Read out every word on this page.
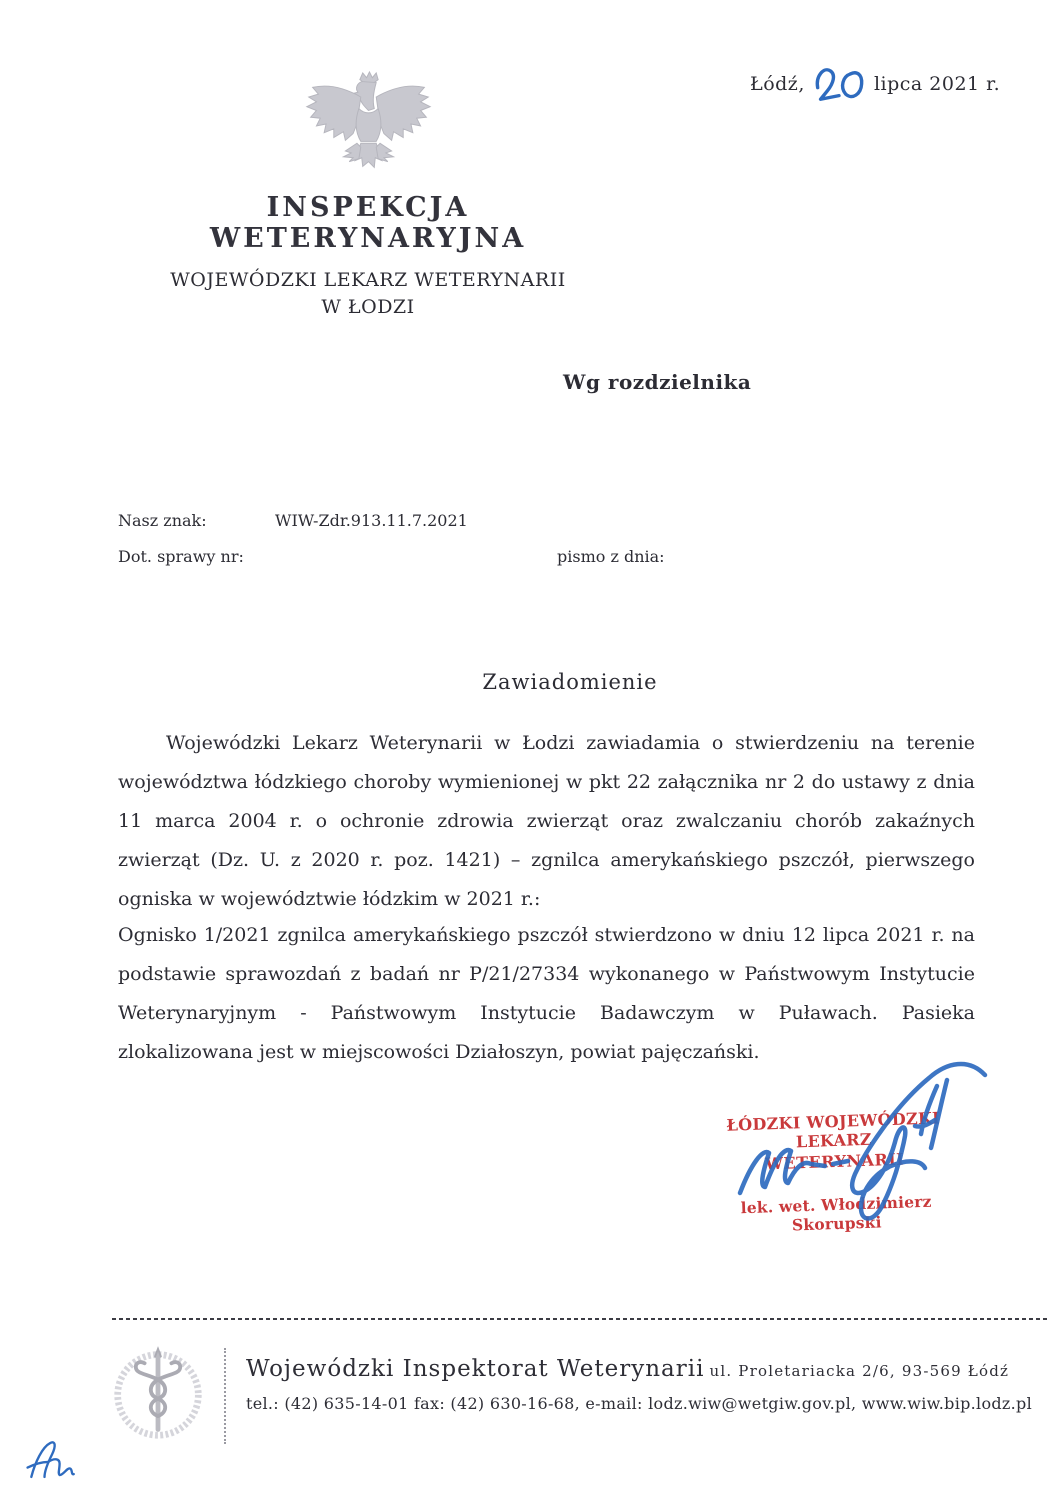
Łódź,	lipca 2021 r.
INSPEKCJA WETERYNARYJNA
WOJEWÓDZKI LEKARZ WETERYNARII
W ŁODZI
Wg rozdzielnika
Nasz znak:	WIW-Zdr.913.11.7.2021
Dot. sprawy nr:	pismo z dnia:
Zawiadomienie
Wojewódzki Lekarz Weterynarii w Łodzi zawiadamia o stwierdzeniu na terenie województwa łódzkiego choroby wymienionej w pkt 22 załącznika nr 2 do ustawy z dnia 11 marca 2004 r. o ochronie zdrowia zwierząt oraz zwalczaniu chorób zakaźnych zwierząt (Dz. U. z 2020 r. poz. 1421) – zgnilca amerykańskiego pszczół, pierwszego ogniska w województwie łódzkim w 2021 r.:
Ognisko 1/2021 zgnilca amerykańskiego pszczół stwierdzono w dniu 12 lipca 2021 r. na podstawie sprawozdań z badań nr P/21/27334 wykonanego w Państwowym Instytucie Weterynaryjnym - Państwowym Instytucie Badawczym w Puławach. Pasieka zlokalizowana jest w miejscowości Działoszyn, powiat pajęczański.
ŁÓDZKI WOJEWÓDZKI LEKARZ
WETERYNARII
lek. wet. Włodzimierz Skorupski
Wojewódzki Inspektorat Weterynarii ul. Proletariacka 2/6, 93-569 Łódź
tel.: (42) 635-14-01 fax: (42) 630-16-68, e-mail: lodz.wiw@wetgiw.gov.pl, www.wiw.bip.lodz.pl
